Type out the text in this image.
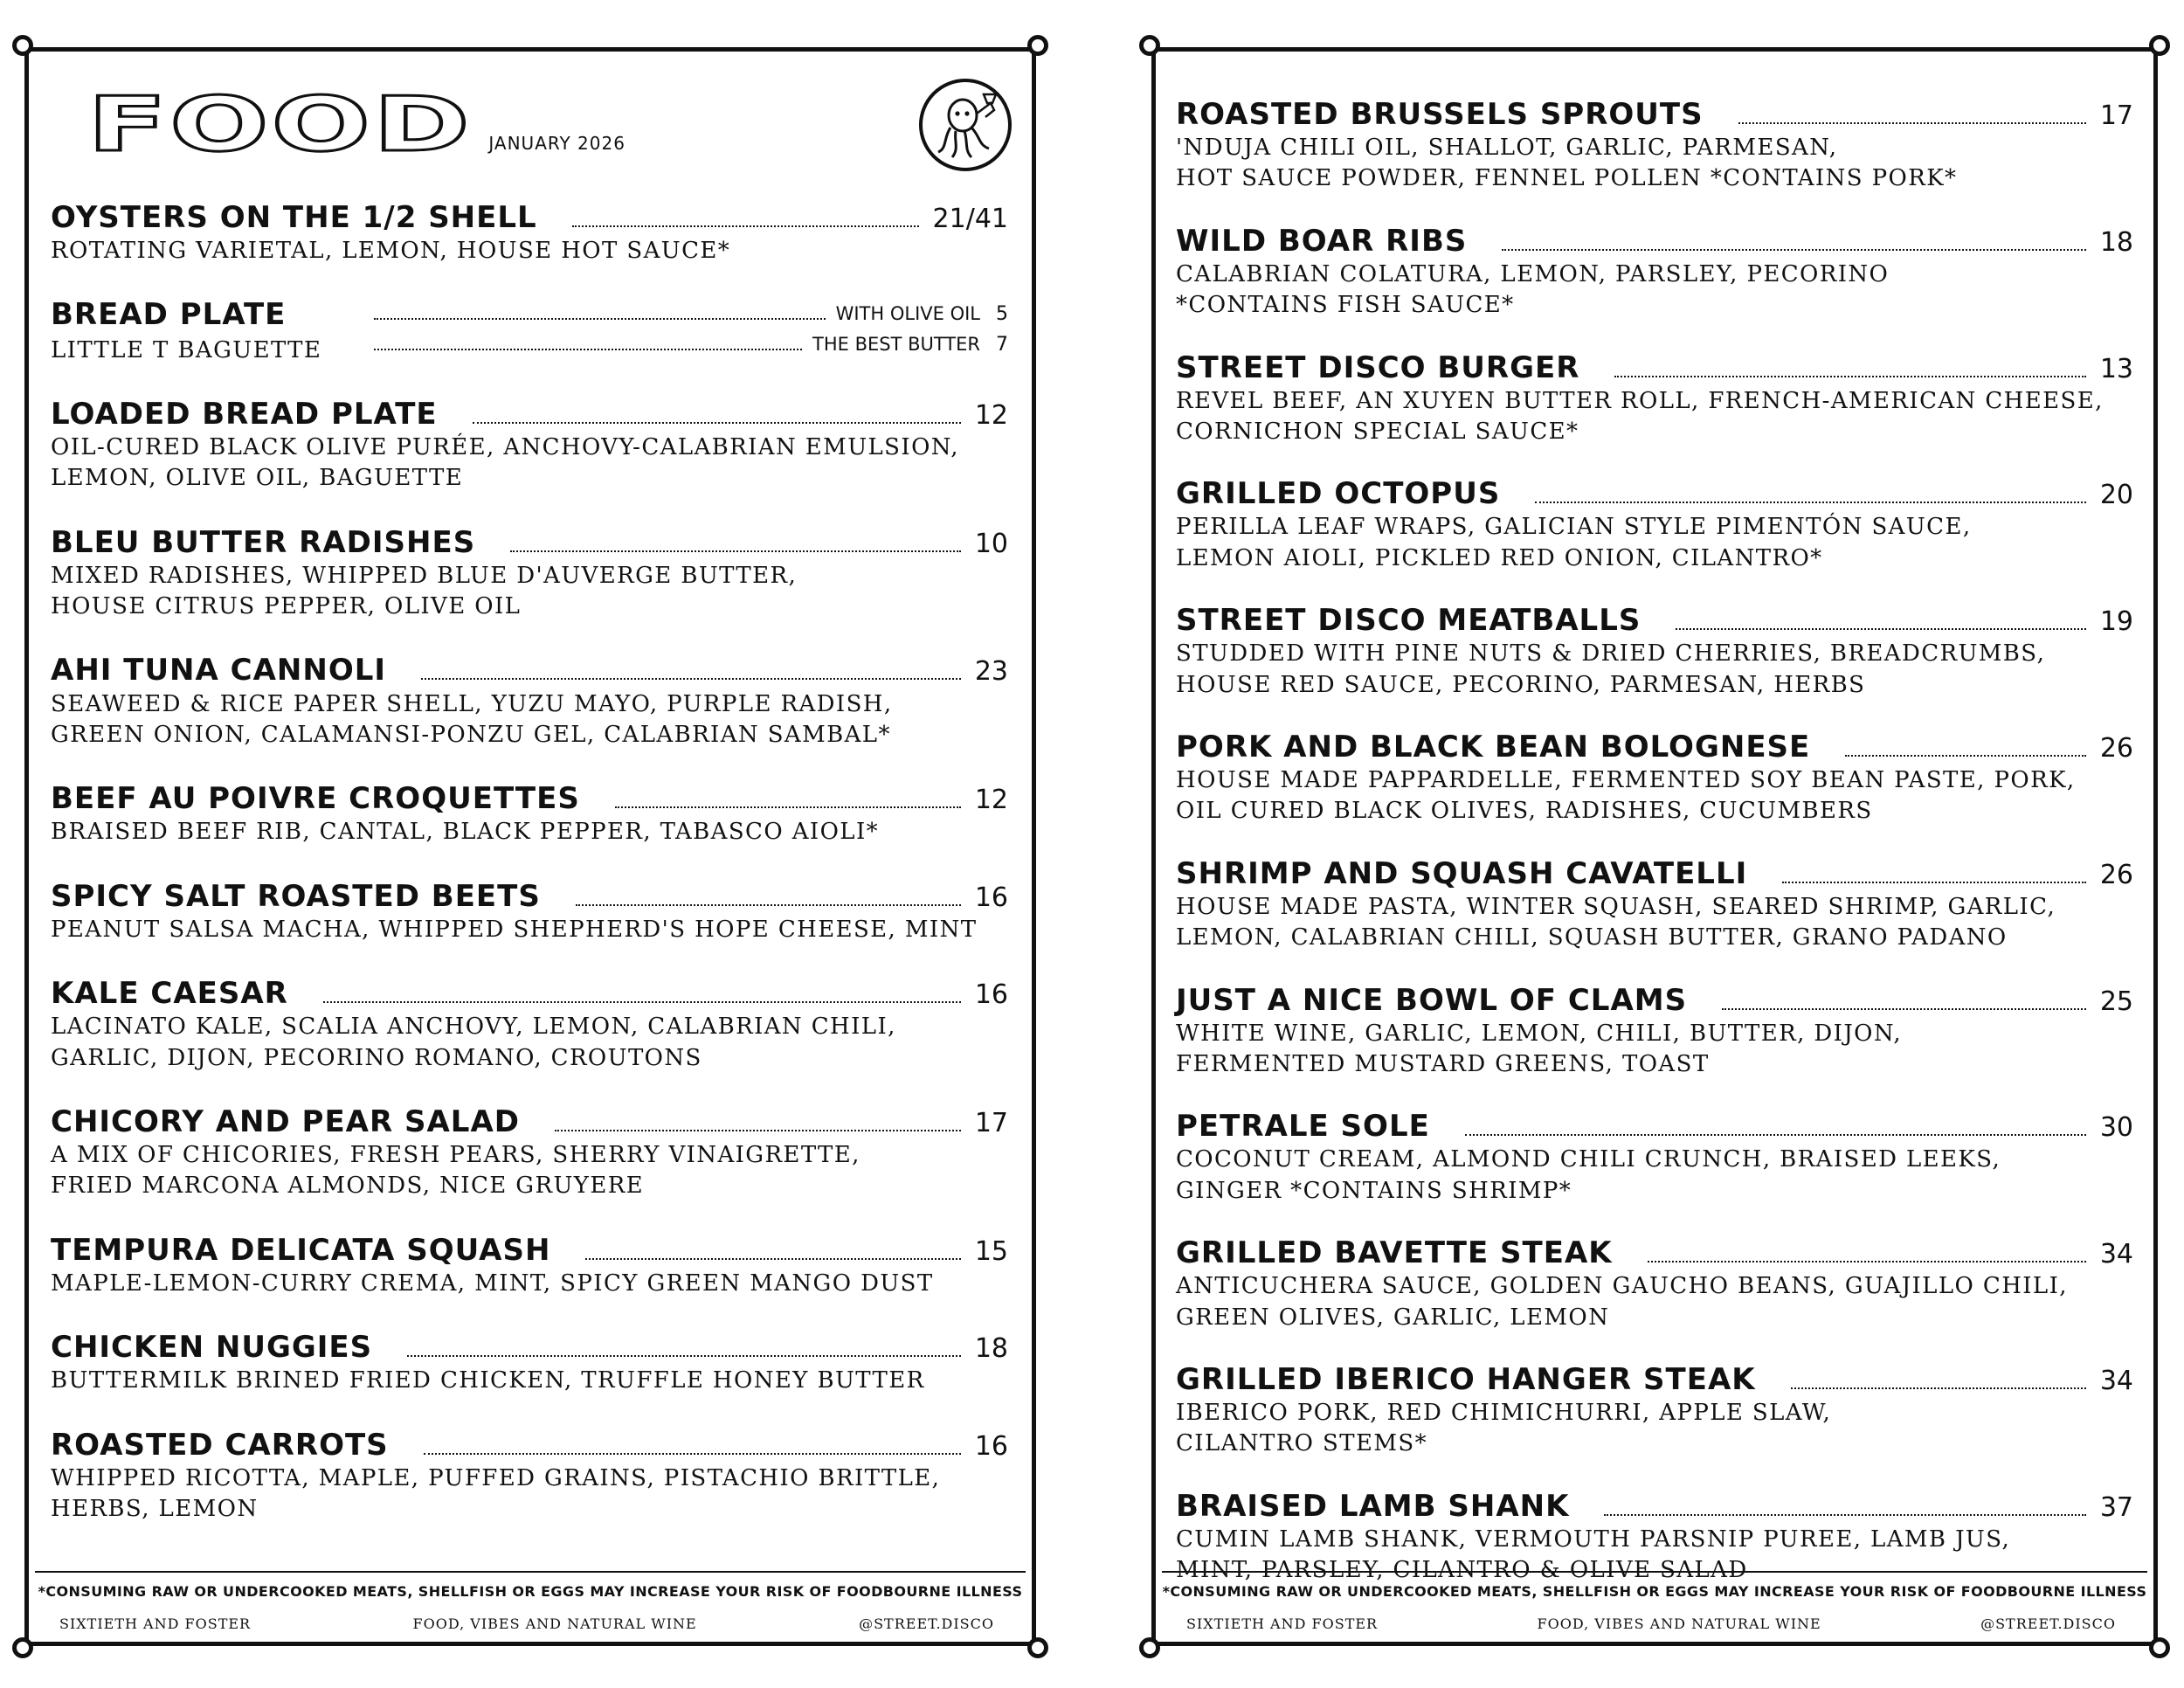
FOOD JANUARY 2026
OYSTERS ON THE 1/2 SHELL	21/41
ROTATING VARIETAL, LEMON, HOUSE HOT SAUCE*
BREAD PLATE
LITTLE T BAGUETTE
WITH OLIVE OIL 5
THE BEST BUTTER 7
LOADED BREAD PLATE	12
OIL-CURED BLACK OLIVE PURÉE, ANCHOVY-CALABRIAN EMULSION,
LEMON, OLIVE OIL, BAGUETTE
BLEU BUTTER RADISHES	10
MIXED RADISHES, WHIPPED BLUE D'AUVERGE BUTTER,
HOUSE CITRUS PEPPER, OLIVE OIL
AHI TUNA CANNOLI	23
SEAWEED & RICE PAPER SHELL, YUZU MAYO, PURPLE RADISH,
GREEN ONION, CALAMANSI-PONZU GEL, CALABRIAN SAMBAL*
BEEF AU POIVRE CROQUETTES	12
BRAISED BEEF RIB, CANTAL, BLACK PEPPER, TABASCO AIOLI*
SPICY SALT ROASTED BEETS	16
PEANUT SALSA MACHA, WHIPPED SHEPHERD'S HOPE CHEESE, MINT
KALE CAESAR	16
LACINATO KALE, SCALIA ANCHOVY, LEMON, CALABRIAN CHILI,
GARLIC, DIJON, PECORINO ROMANO, CROUTONS
CHICORY AND PEAR SALAD	17
A MIX OF CHICORIES, FRESH PEARS, SHERRY VINAIGRETTE,
FRIED MARCONA ALMONDS, NICE GRUYERE
TEMPURA DELICATA SQUASH	15
MAPLE-LEMON-CURRY CREMA, MINT, SPICY GREEN MANGO DUST
CHICKEN NUGGIES	18
BUTTERMILK BRINED FRIED CHICKEN, TRUFFLE HONEY BUTTER
ROASTED CARROTS	16
WHIPPED RICOTTA, MAPLE, PUFFED GRAINS, PISTACHIO BRITTLE,
HERBS, LEMON
*CONSUMING RAW OR UNDERCOOKED MEATS, SHELLFISH OR EGGS MAY INCREASE YOUR RISK OF FOODBOURNE ILLNESS
SIXTIETH AND FOSTER	FOOD, VIBES AND NATURAL WINE	@STREET.DISCO
ROASTED BRUSSELS SPROUTS	17
'NDUJA CHILI OIL, SHALLOT, GARLIC, PARMESAN,
HOT SAUCE POWDER, FENNEL POLLEN *CONTAINS PORK*
WILD BOAR RIBS	18
CALABRIAN COLATURA, LEMON, PARSLEY, PECORINO
*CONTAINS FISH SAUCE*
STREET DISCO BURGER	13
REVEL BEEF, AN XUYEN BUTTER ROLL, FRENCH-AMERICAN CHEESE,
CORNICHON SPECIAL SAUCE*
GRILLED OCTOPUS	20
PERILLA LEAF WRAPS, GALICIAN STYLE PIMENTÓN SAUCE,
LEMON AIOLI, PICKLED RED ONION, CILANTRO*
STREET DISCO MEATBALLS	19
STUDDED WITH PINE NUTS & DRIED CHERRIES, BREADCRUMBS,
HOUSE RED SAUCE, PECORINO, PARMESAN, HERBS
PORK AND BLACK BEAN BOLOGNESE	26
HOUSE MADE PAPPARDELLE, FERMENTED SOY BEAN PASTE, PORK,
OIL CURED BLACK OLIVES, RADISHES, CUCUMBERS
SHRIMP AND SQUASH CAVATELLI	26
HOUSE MADE PASTA, WINTER SQUASH, SEARED SHRIMP, GARLIC,
LEMON, CALABRIAN CHILI, SQUASH BUTTER, GRANO PADANO
JUST A NICE BOWL OF CLAMS	25
WHITE WINE, GARLIC, LEMON, CHILI, BUTTER, DIJON,
FERMENTED MUSTARD GREENS, TOAST
PETRALE SOLE	30
COCONUT CREAM, ALMOND CHILI CRUNCH, BRAISED LEEKS,
GINGER *CONTAINS SHRIMP*
GRILLED BAVETTE STEAK	34
ANTICUCHERA SAUCE, GOLDEN GAUCHO BEANS, GUAJILLO CHILI,
GREEN OLIVES, GARLIC, LEMON
GRILLED IBERICO HANGER STEAK	34
IBERICO PORK, RED CHIMICHURRI, APPLE SLAW,
CILANTRO STEMS*
BRAISED LAMB SHANK	37
CUMIN LAMB SHANK, VERMOUTH PARSNIP PUREE, LAMB JUS,
MINT, PARSLEY, CILANTRO & OLIVE SALAD
*CONSUMING RAW OR UNDERCOOKED MEATS, SHELLFISH OR EGGS MAY INCREASE YOUR RISK OF FOODBOURNE ILLNESS
SIXTIETH AND FOSTER	FOOD, VIBES AND NATURAL WINE	@STREET.DISCO
